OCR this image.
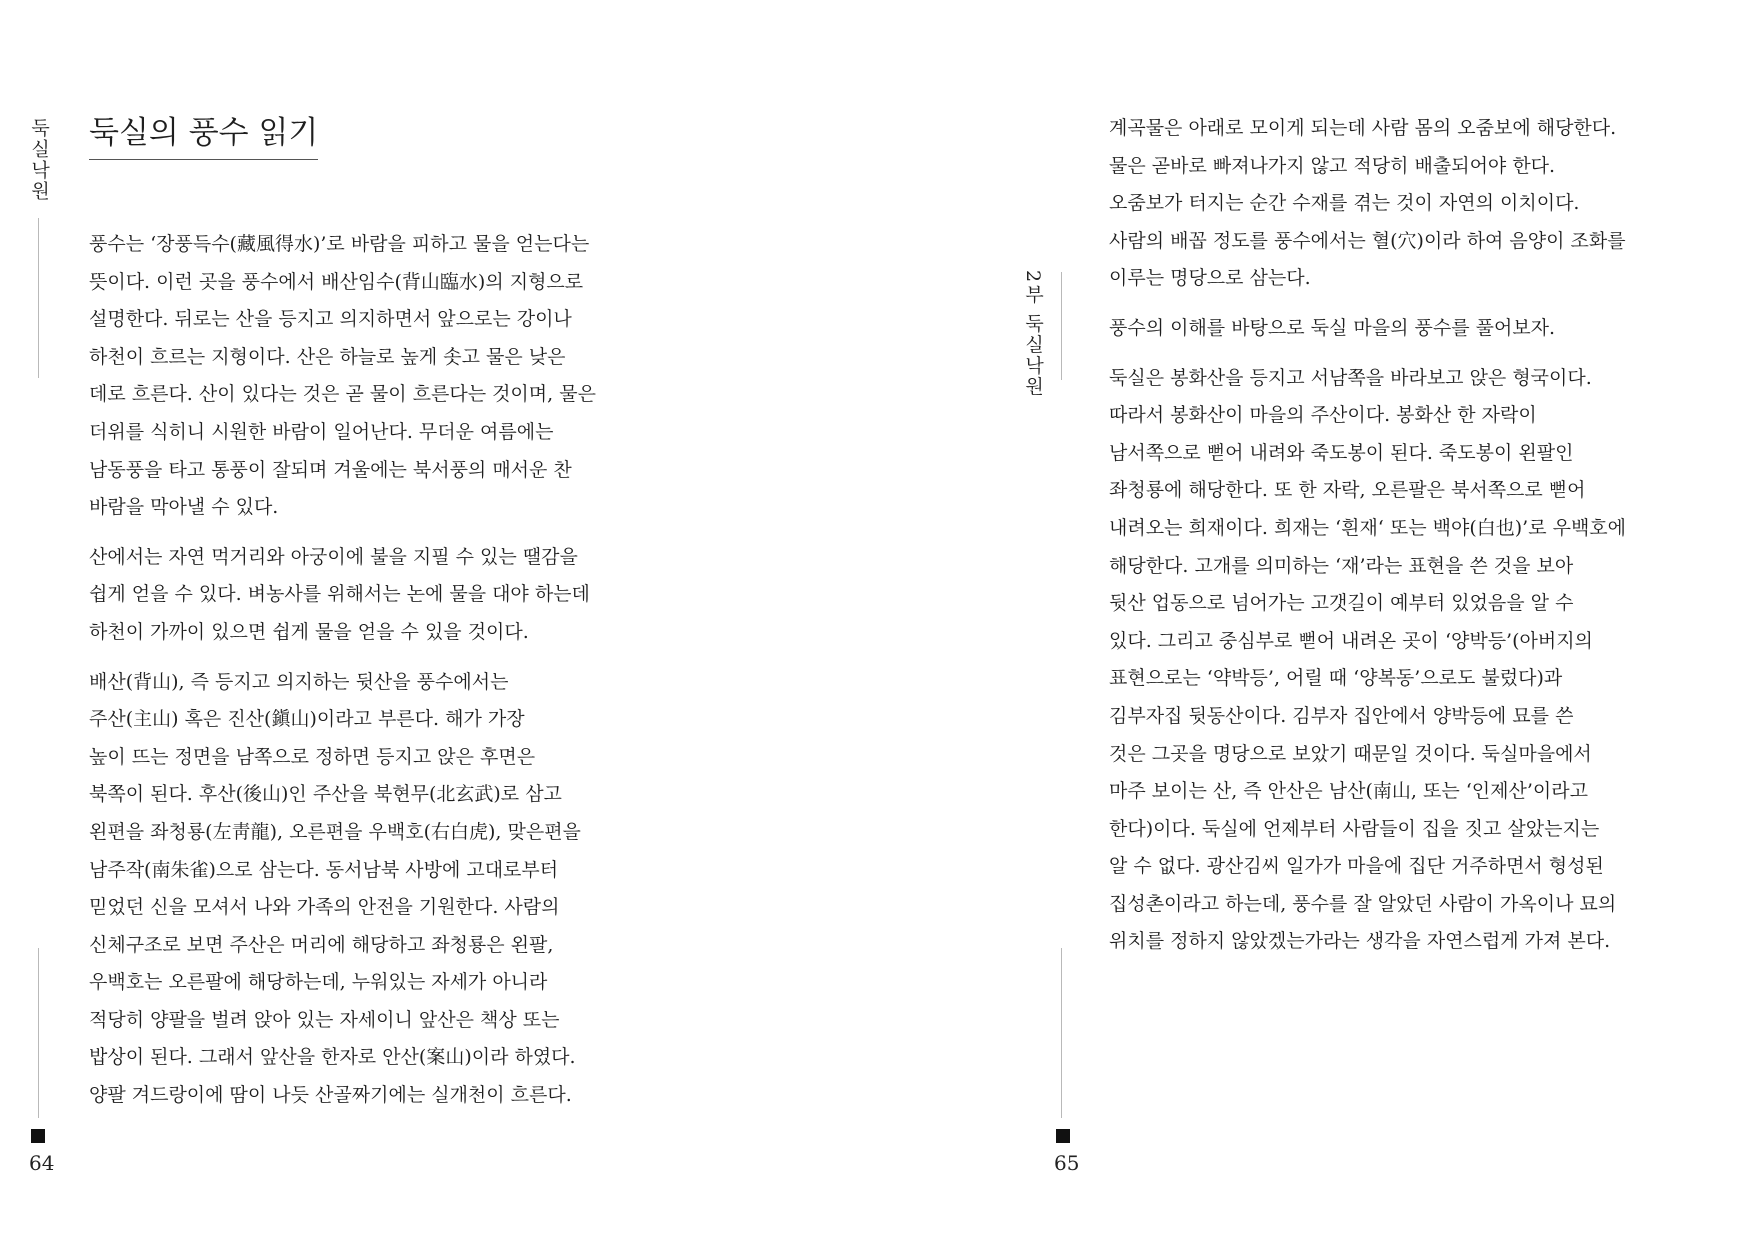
둑실낙원 둑실의 풍수 읽기

풍수는 ‘장풍득수(藏風得水)’로 바람을 피하고 물을 얻는다는
뜻이다. 이런 곳을 풍수에서 배산임수(背山臨水)의 지형으로
설명한다. 뒤로는 산을 등지고 의지하면서 앞으로는 강이나
하천이 흐르는 지형이다. 산은 하늘로 높게 솟고 물은 낮은
데로 흐른다. 산이 있다는 것은 곧 물이 흐른다는 것이며, 물은
더위를 식히니 시원한 바람이 일어난다. 무더운 여름에는
남동풍을 타고 통풍이 잘되며 겨울에는 북서풍의 매서운 찬
바람을 막아낼 수 있다.

산에서는 자연 먹거리와 아궁이에 불을 지필 수 있는 땔감을
쉽게 얻을 수 있다. 벼농사를 위해서는 논에 물을 대야 하는데
하천이 가까이 있으면 쉽게 물을 얻을 수 있을 것이다.

배산(背山), 즉 등지고 의지하는 뒷산을 풍수에서는
주산(主山) 혹은 진산(鎭山)이라고 부른다. 해가 가장
높이 뜨는 정면을 남쪽으로 정하면 등지고 앉은 후면은
북쪽이 된다. 후산(後山)인 주산을 북현무(北玄武)로 삼고
왼편을 좌청룡(左靑龍), 오른편을 우백호(右白虎), 맞은편을
남주작(南朱雀)으로 삼는다. 동서남북 사방에 고대로부터
믿었던 신을 모셔서 나와 가족의 안전을 기원한다. 사람의
신체구조로 보면 주산은 머리에 해당하고 좌청룡은 왼팔,
우백호는 오른팔에 해당하는데, 누워있는 자세가 아니라
적당히 양팔을 벌려 앉아 있는 자세이니 앞산은 책상 또는
밥상이 된다. 그래서 앞산을 한자로 안산(案山)이라 하였다.
양팔 겨드랑이에 땀이 나듯 산골짜기에는 실개천이 흐른다.

64
2부 둑실낙원

계곡물은 아래로 모이게 되는데 사람 몸의 오줌보에 해당한다.
물은 곧바로 빠져나가지 않고 적당히 배출되어야 한다.
오줌보가 터지는 순간 수재를 겪는 것이 자연의 이치이다.
사람의 배꼽 정도를 풍수에서는 혈(穴)이라 하여 음양이 조화를
이루는 명당으로 삼는다.

풍수의 이해를 바탕으로 둑실 마을의 풍수를 풀어보자.

둑실은 봉화산을 등지고 서남쪽을 바라보고 앉은 형국이다.
따라서 봉화산이 마을의 주산이다. 봉화산 한 자락이
남서쪽으로 뻗어 내려와 죽도봉이 된다. 죽도봉이 왼팔인
좌청룡에 해당한다. 또 한 자락, 오른팔은 북서쪽으로 뻗어
내려오는 희재이다. 희재는 ‘흰재‘ 또는 백야(白也)’로 우백호에
해당한다. 고개를 의미하는 ‘재’라는 표현을 쓴 것을 보아
뒷산 업동으로 넘어가는 고갯길이 예부터 있었음을 알 수
있다. 그리고 중심부로 뻗어 내려온 곳이 ‘양박등’(아버지의
표현으로는 ‘약박등’, 어릴 때 ‘양복동’으로도 불렀다)과
김부자집 뒷동산이다. 김부자 집안에서 양박등에 묘를 쓴
것은 그곳을 명당으로 보았기 때문일 것이다. 둑실마을에서
마주 보이는 산, 즉 안산은 남산(南山, 또는 ‘인제산’이라고
한다)이다. 둑실에 언제부터 사람들이 집을 짓고 살았는지는
알 수 없다. 광산김씨 일가가 마을에 집단 거주하면서 형성된
집성촌이라고 하는데, 풍수를 잘 알았던 사람이 가옥이나 묘의
위치를 정하지 않았겠는가라는 생각을 자연스럽게 가져 본다.

65
